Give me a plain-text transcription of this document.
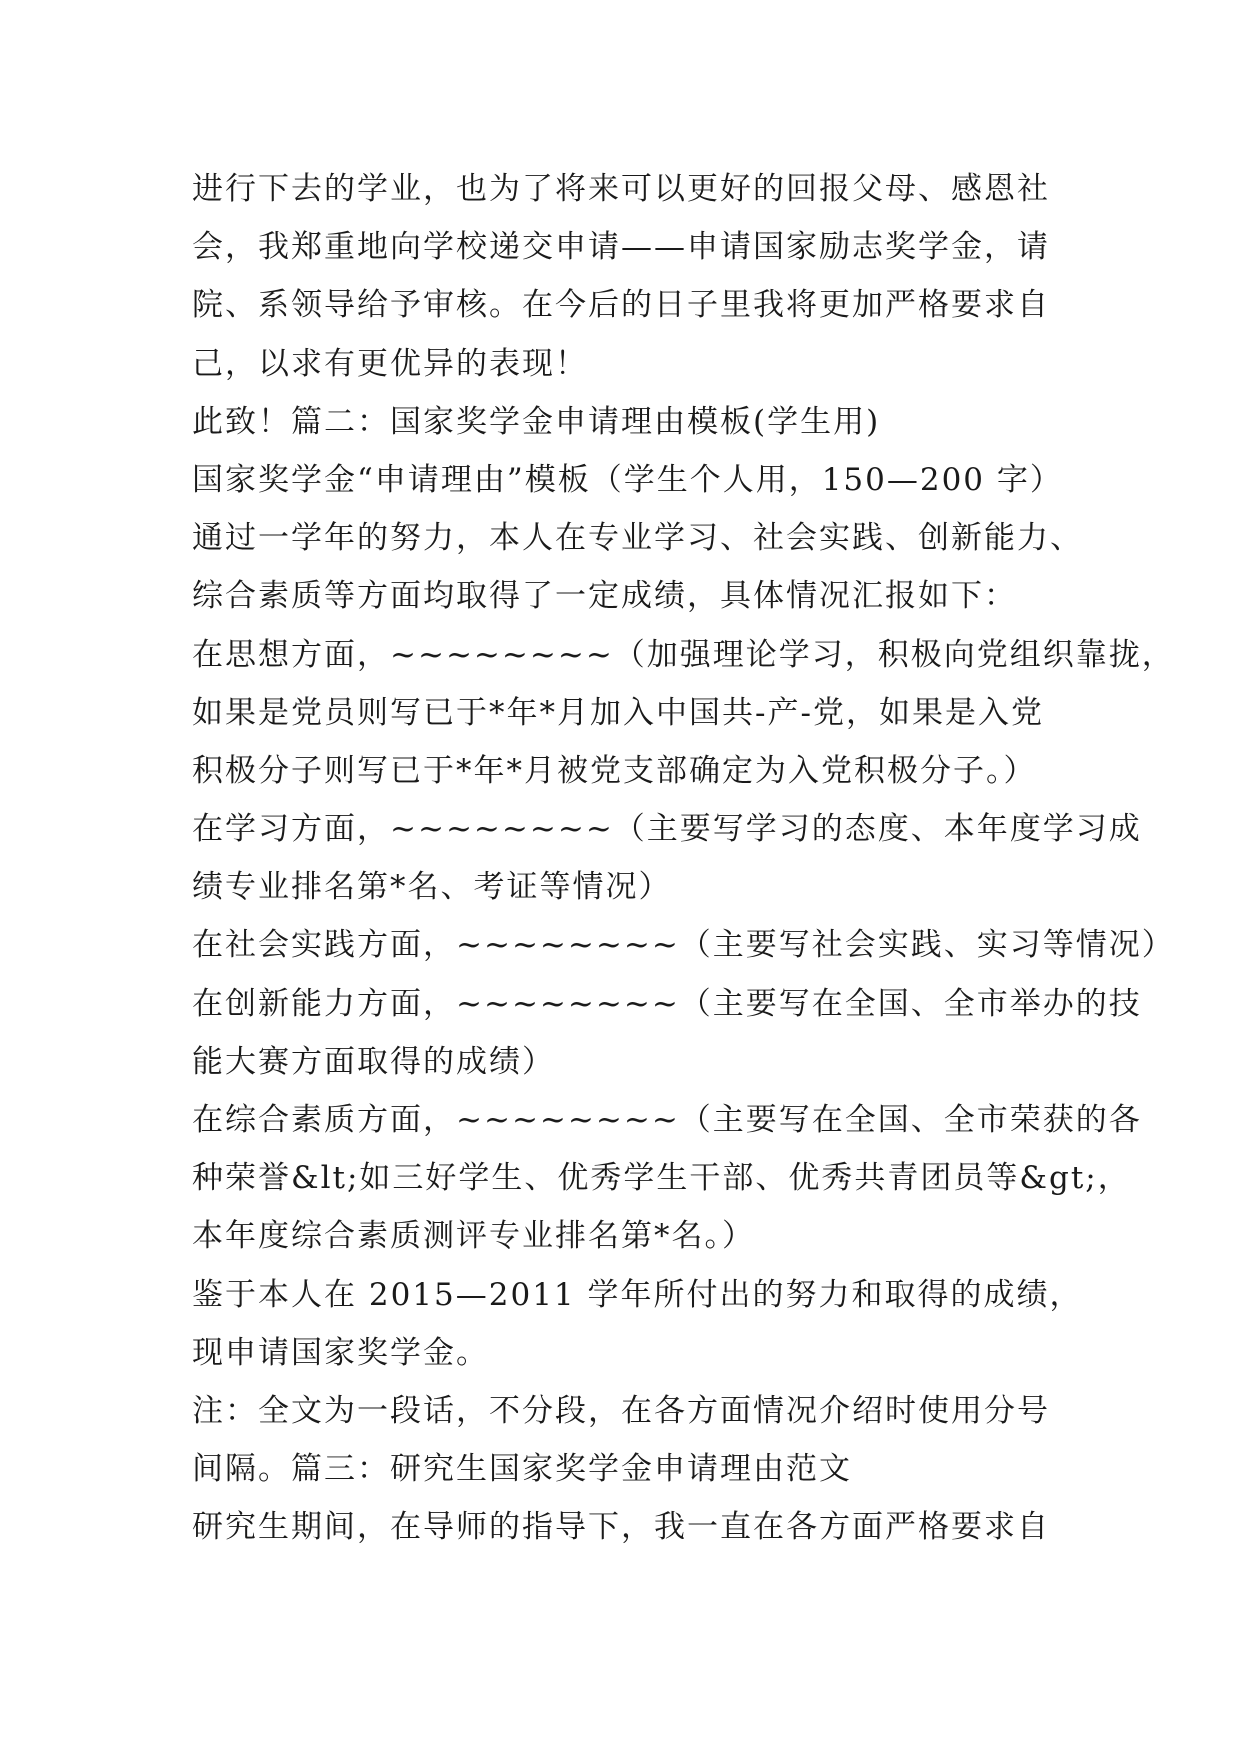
进行下去的学业，也为了将来可以更好的回报父母、感恩社
会，我郑重地向学校递交申请——申请国家励志奖学金，请
院、系领导给予审核。在今后的日子里我将更加严格要求自
己，以求有更优异的表现！
此致！篇二：国家奖学金申请理由模板(学生用)
国家奖学金“申请理由”模板（学生个人用，150—200 字）
通过一学年的努力，本人在专业学习、社会实践、创新能力、
综合素质等方面均取得了一定成绩，具体情况汇报如下：
在思想方面，~~~~~~~~（加强理论学习，积极向党组织靠拢，
如果是党员则写已于*年*月加入中国共-产-党，如果是入党
积极分子则写已于*年*月被党支部确定为入党积极分子。）
在学习方面，~~~~~~~~（主要写学习的态度、本年度学习成
绩专业排名第*名、考证等情况）
在社会实践方面，~~~~~~~~（主要写社会实践、实习等情况）
在创新能力方面，~~~~~~~~（主要写在全国、全市举办的技
能大赛方面取得的成绩）
在综合素质方面，~~~~~~~~（主要写在全国、全市荣获的各
种荣誉&lt;如三好学生、优秀学生干部、优秀共青团员等&gt;，
本年度综合素质测评专业排名第*名。）
鉴于本人在 2015—2011 学年所付出的努力和取得的成绩，
现申请国家奖学金。
注：全文为一段话，不分段，在各方面情况介绍时使用分号
间隔。篇三：研究生国家奖学金申请理由范文
研究生期间，在导师的指导下，我一直在各方面严格要求自
